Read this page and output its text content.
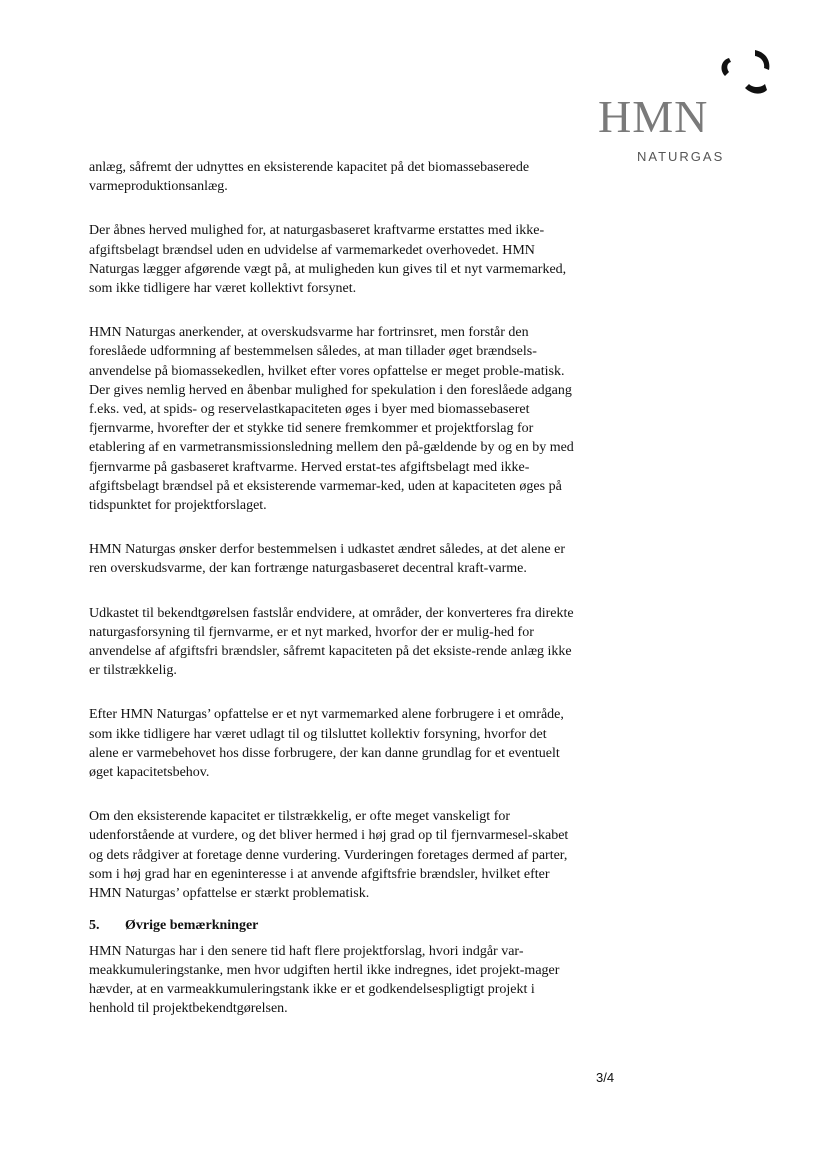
HMN
NATURGAS

anlæg, såfremt der udnyttes en eksisterende kapacitet på det biomassebaserede varmeproduktionsanlæg.

Der åbnes herved mulighed for, at naturgasbaseret kraftvarme erstattes med ikke-afgiftsbelagt brændsel uden en udvidelse af varmemarkedet overhovedet. HMN Naturgas lægger afgørende vægt på, at muligheden kun gives til et nyt varmemarked, som ikke tidligere har været kollektivt forsynet.

HMN Naturgas anerkender, at overskudsvarme har fortrinsret, men forstår den foreslåede udformning af bestemmelsen således, at man tillader øget brændsels-anvendelse på biomassekedlen, hvilket efter vores opfattelse er meget proble-matisk. Der gives nemlig herved en åbenbar mulighed for spekulation i den foreslåede adgang f.eks. ved, at spids- og reservelastkapaciteten øges i byer med biomassebaseret fjernvarme, hvorefter der et stykke tid senere fremkommer et projektforslag for etablering af en varmetransmissionsledning mellem den på-gældende by og en by med fjernvarme på gasbaseret kraftvarme. Herved erstat-tes afgiftsbelagt med ikke-afgiftsbelagt brændsel på et eksisterende varmemar-ked, uden at kapaciteten øges på tidspunktet for projektforslaget.

HMN Naturgas ønsker derfor bestemmelsen i udkastet ændret således, at det alene er ren overskudsvarme, der kan fortrænge naturgasbaseret decentral kraft-varme.

Udkastet til bekendtgørelsen fastslår endvidere, at områder, der konverteres fra direkte naturgasforsyning til fjernvarme, er et nyt marked, hvorfor der er mulig-hed for anvendelse af afgiftsfri brændsler, såfremt kapaciteten på det eksiste-rende anlæg ikke er tilstrækkelig.

Efter HMN Naturgas’ opfattelse er et nyt varmemarked alene forbrugere i et område, som ikke tidligere har været udlagt til og tilsluttet kollektiv forsyning, hvorfor det alene er varmebehovet hos disse forbrugere, der kan danne grundlag for et eventuelt øget kapacitetsbehov.

Om den eksisterende kapacitet er tilstrækkelig, er ofte meget vanskeligt for udenforstående at vurdere, og det bliver hermed i høj grad op til fjernvarmesel-skabet og dets rådgiver at foretage denne vurdering. Vurderingen foretages dermed af parter, som i høj grad har en egeninteresse i at anvende afgiftsfrie brændsler, hvilket efter HMN Naturgas’ opfattelse er stærkt problematisk.

5. Øvrige bemærkninger

HMN Naturgas har i den senere tid haft flere projektforslag, hvori indgår var-meakkumuleringstanke, men hvor udgiften hertil ikke indregnes, idet projekt-mager hævder, at en varmeakkumuleringstank ikke er et godkendelsespligtigt projekt i henhold til projektbekendtgørelsen.

3/4
